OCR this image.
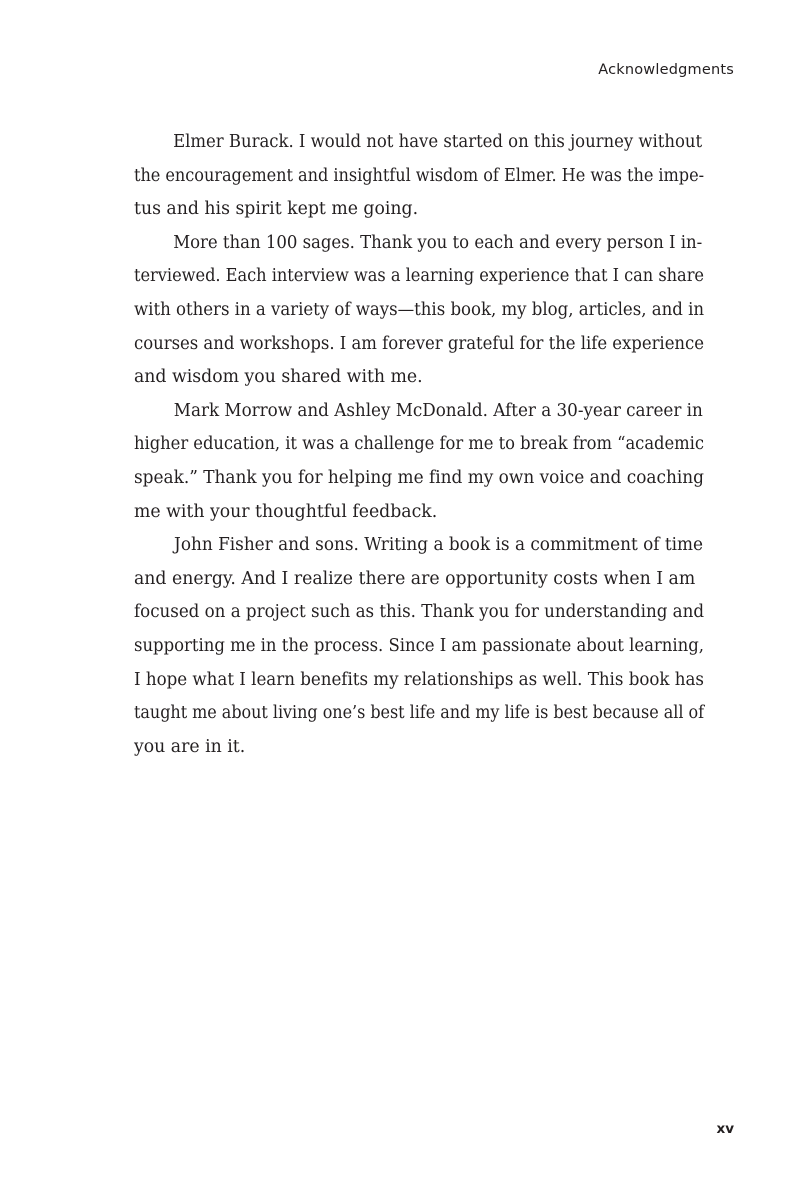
Acknowledgments
Elmer Burack. I would not have started on this journey without
the encouragement and insightful wisdom of Elmer. He was the impe-
tus and his spirit kept me going.
More than 100 sages. Thank you to each and every person I in-
terviewed. Each interview was a learning experience that I can share
with others in a variety of ways—this book, my blog, articles, and in
courses and workshops. I am forever grateful for the life experience
and wisdom you shared with me.
Mark Morrow and Ashley McDonald. After a 30-year career in
higher education, it was a challenge for me to break from “academic
speak.” Thank you for helping me find my own voice and coaching
me with your thoughtful feedback.
John Fisher and sons. Writing a book is a commitment of time
and energy. And I realize there are opportunity costs when I am
focused on a project such as this. Thank you for understanding and
supporting me in the process. Since I am passionate about learning,
I hope what I learn benefits my relationships as well. This book has
taught me about living one’s best life and my life is best because all of
you are in it.
xv
